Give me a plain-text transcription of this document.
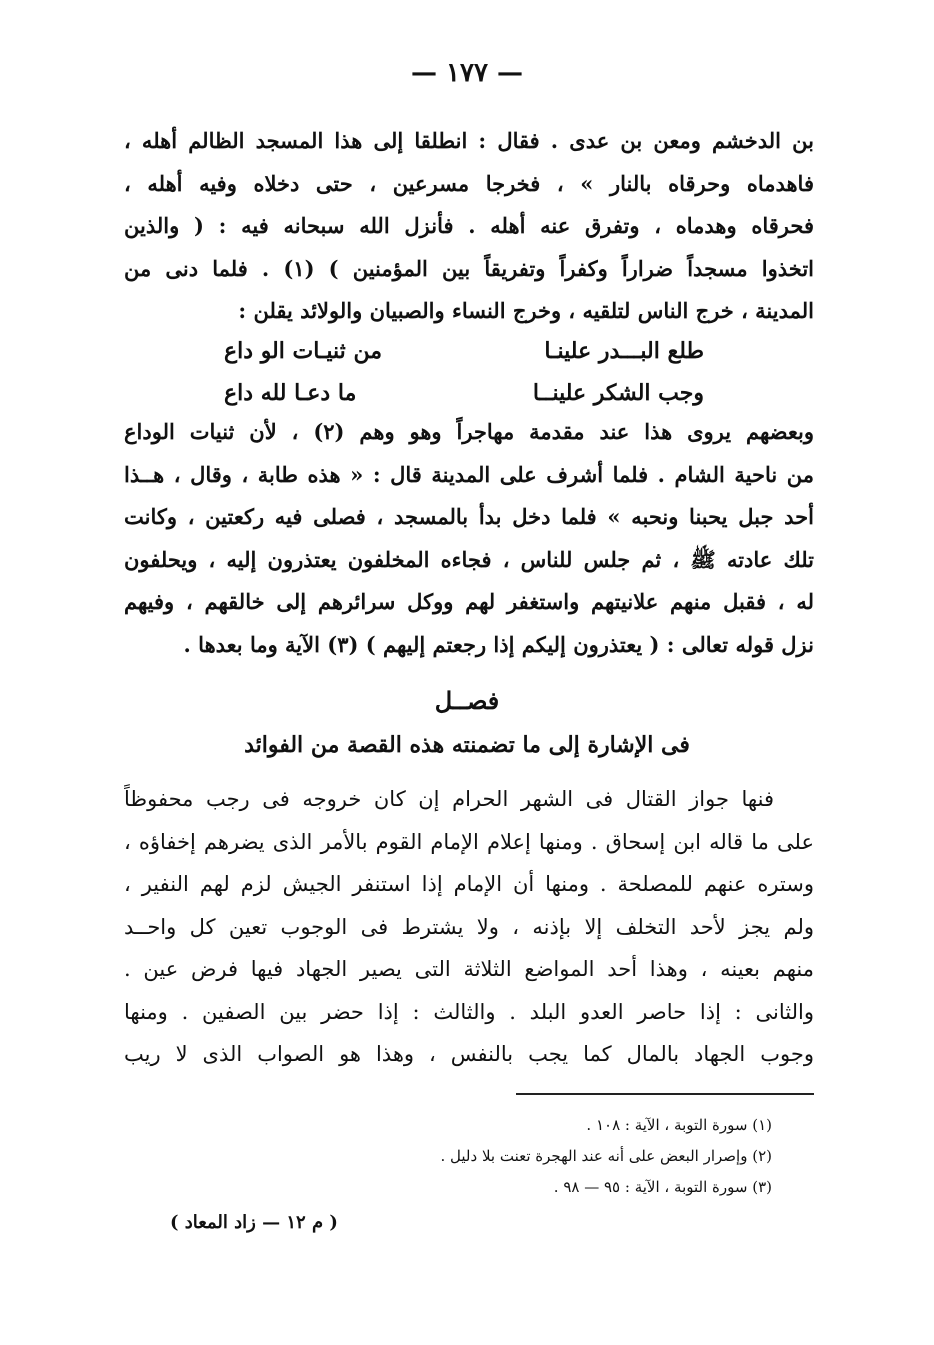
— ١٧٧ —
بن الدخشم ومعن بن عدى . فقال : انطلقا إلى هذا المسجد الظالم أهله ،
فاهدماه وحرقاه بالنار » ، فخرجا مسرعين ، حتى دخلاه وفيه أهله ،
فحرقاه وهدماه ، وتفرق عنه أهله . فأنزل الله سبحانه فيه : ( والذين
اتخذوا مسجداً ضراراً وكفراً وتفريقاً بين المؤمنين ) (١) . فلما دنى من
المدينة ، خرج الناس لتلقيه ، وخرج النساء والصبيان والولائد يقلن :
طلع البـــدر علينـا
من ثنيـات الو داع
وجب الشكر علينــا
ما دعـا لله داع
وبعضهم يروى هذا عند مقدمة مهاجراً وهو وهم (٢) ، لأن ثنيات الوداع
من ناحية الشام . فلما أشرف على المدينة قال : « هذه طابة ، وقال ، هــذا
أحد جبل يحبنا ونحبه » فلما دخل بدأ بالمسجد ، فصلى فيه ركعتين ، وكانت
تلك عادته ﷺ ، ثم جلس للناس ، فجاءه المخلفون يعتذرون إليه ، ويحلفون
له ، فقبل منهم علانيتهم واستغفر لهم ووكل سرائرهم إلى خالقهم ، وفيهم
نزل قوله تعالى : ( يعتذرون إليكم إذا رجعتم إليهم ) (٣) الآية وما بعدها .
فصــل
فى الإشارة إلى ما تضمنته هذه القصة من الفوائد
فنها جواز القتال فى الشهر الحرام إن كان خروجه فى رجب محفوظاً
على ما قاله ابن إسحاق . ومنها إعلام الإمام القوم بالأمر الذى يضرهم إخفاؤه ،
وستره عنهم للمصلحة . ومنها أن الإمام إذا استنفر الجيش لزم لهم النفير ،
ولم يجز لأحد التخلف إلا بإذنه ، ولا يشترط فى الوجوب تعين كل واحــد
منهم بعينه ، وهذا أحد المواضع الثلاثة التى يصير الجهاد فيها فرض عين .
والثانى : إذا حاصر العدو البلد . والثالث : إذا حضر بين الصفين . ومنها
وجوب الجهاد بالمال كما يجب بالنفس ، وهذا هو الصواب الذى لا ريب
(١) سورة التوبة ، الآية : ١٠٨ .
(٢) وإصرار البعض على أنه عند الهجرة تعنت بلا دليل .
(٣) سورة التوبة ، الآية : ٩٥ — ٩٨ .
( م ١٢ — زاد المعاد )
